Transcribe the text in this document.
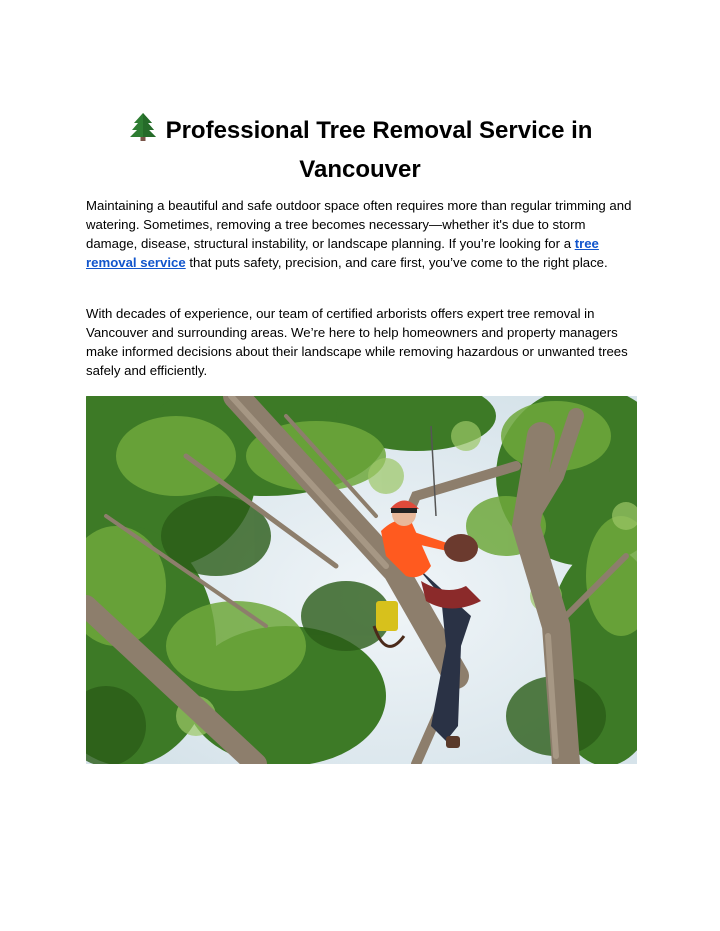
Professional Tree Removal Service in Vancouver

Maintaining a beautiful and safe outdoor space often requires more than regular trimming and watering. Sometimes, removing a tree becomes necessary—whether it's due to storm damage, disease, structural instability, or landscape planning. If you’re looking for a tree removal service that puts safety, precision, and care first, you’ve come to the right place.

With decades of experience, our team of certified arborists offers expert tree removal in Vancouver and surrounding areas. We’re here to help homeowners and property managers make informed decisions about their landscape while removing hazardous or unwanted trees safely and efficiently.
